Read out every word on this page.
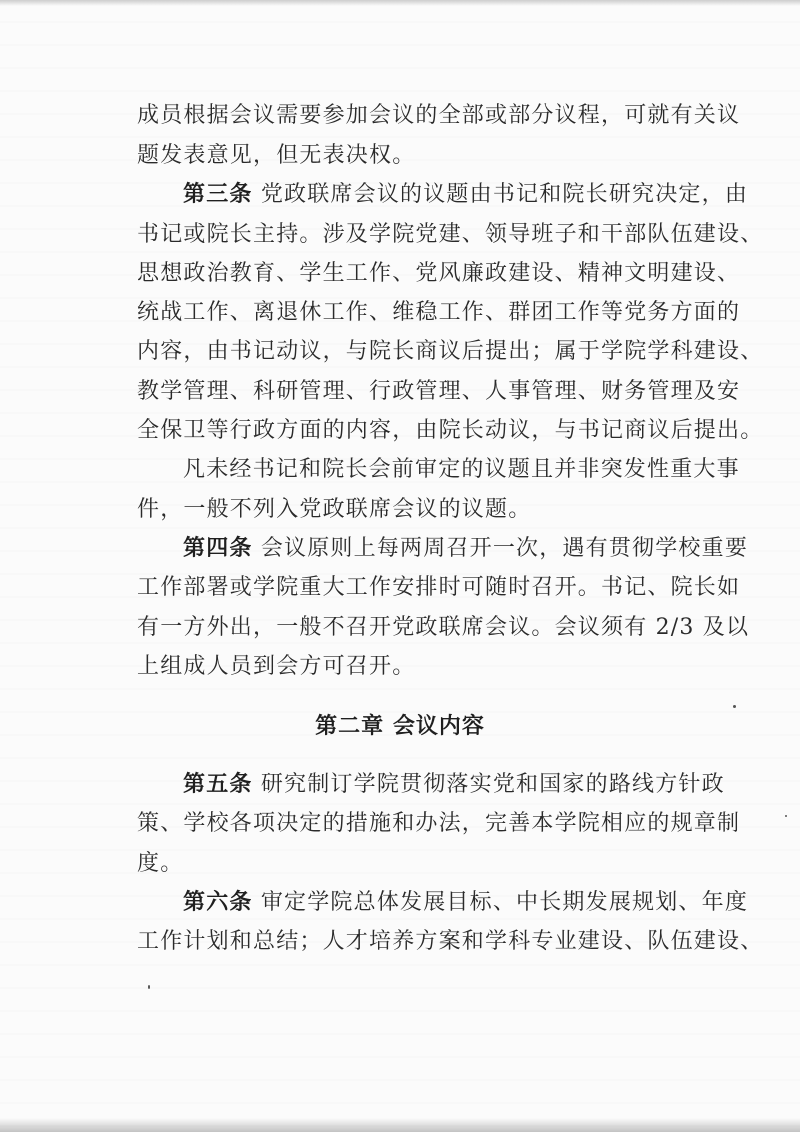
成员根据会议需要参加会议的全部或部分议程，可就有关议
题发表意见，但无表决权。
第三条 党政联席会议的议题由书记和院长研究决定，由
书记或院长主持。涉及学院党建、领导班子和干部队伍建设、
思想政治教育、学生工作、党风廉政建设、精神文明建设、
统战工作、离退休工作、维稳工作、群团工作等党务方面的
内容，由书记动议，与院长商议后提出；属于学院学科建设、
教学管理、科研管理、行政管理、人事管理、财务管理及安
全保卫等行政方面的内容，由院长动议，与书记商议后提出。
凡未经书记和院长会前审定的议题且并非突发性重大事
件，一般不列入党政联席会议的议题。
第四条 会议原则上每两周召开一次，遇有贯彻学校重要
工作部署或学院重大工作安排时可随时召开。书记、院长如
有一方外出，一般不召开党政联席会议。会议须有 2/3 及以
上组成人员到会方可召开。
第二章 会议内容
第五条 研究制订学院贯彻落实党和国家的路线方针政
策、学校各项决定的措施和办法，完善本学院相应的规章制
度。
第六条 审定学院总体发展目标、中长期发展规划、年度
工作计划和总结；人才培养方案和学科专业建设、队伍建设、
